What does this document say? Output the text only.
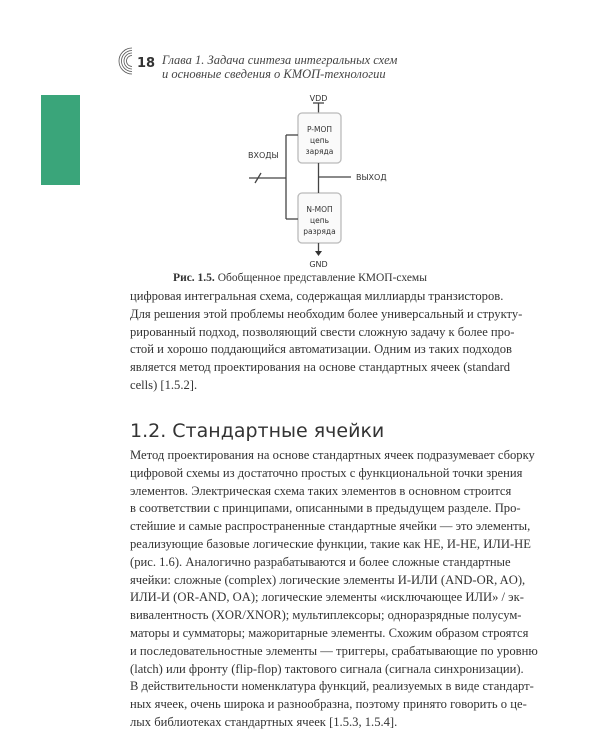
18 Глава 1. Задача синтеза интегральных схем
и основные сведения о КМОП-технологии
VDD
GND
ВХОДЫ
ВЫХОД
P-МОП
цепь
заряда
N-МОП
цепь
разряда
Рис. 1.5. Обобщенное представление КМОП-схемы
цифровая интегральная схема, содержащая миллиарды транзисторов.
Для решения этой проблемы необходим более универсальный и структу-
рированный подход, позволяющий свести сложную задачу к более про-
стой и хорошо поддающийся автоматизации. Одним из таких подходов
является метод проектирования на основе стандартных ячеек (standard
cells) [1.5.2].
1.2. Стандартные ячейки
Метод проектирования на основе стандартных ячеек подразумевает сборку
цифровой схемы из достаточно простых с функциональной точки зрения
элементов. Электрическая схема таких элементов в основном строится
в соответствии с принципами, описанными в предыдущем разделе. Про-
стейшие и самые распространенные стандартные ячейки — это элементы,
реализующие базовые логические функции, такие как НЕ, И-НЕ, ИЛИ-НЕ
(рис. 1.6). Аналогично разрабатываются и более сложные стандартные
ячейки: сложные (complex) логические элементы И-ИЛИ (AND-OR, AO),
ИЛИ-И (OR-AND, OA); логические элементы «исключающее ИЛИ» / эк-
вивалентность (XOR/XNOR); мультиплексоры; одноразрядные полусум-
маторы и сумматоры; мажоритарные элементы. Схожим образом строятся
и последовательностные элементы — триггеры, срабатывающие по уровню
(latch) или фронту (flip-flop) тактового сигнала (сигнала синхронизации).
В действительности номенклатура функций, реализуемых в виде стандарт-
ных ячеек, очень широка и разнообразна, поэтому принято говорить о це-
лых библиотеках стандартных ячеек [1.5.3, 1.5.4].
